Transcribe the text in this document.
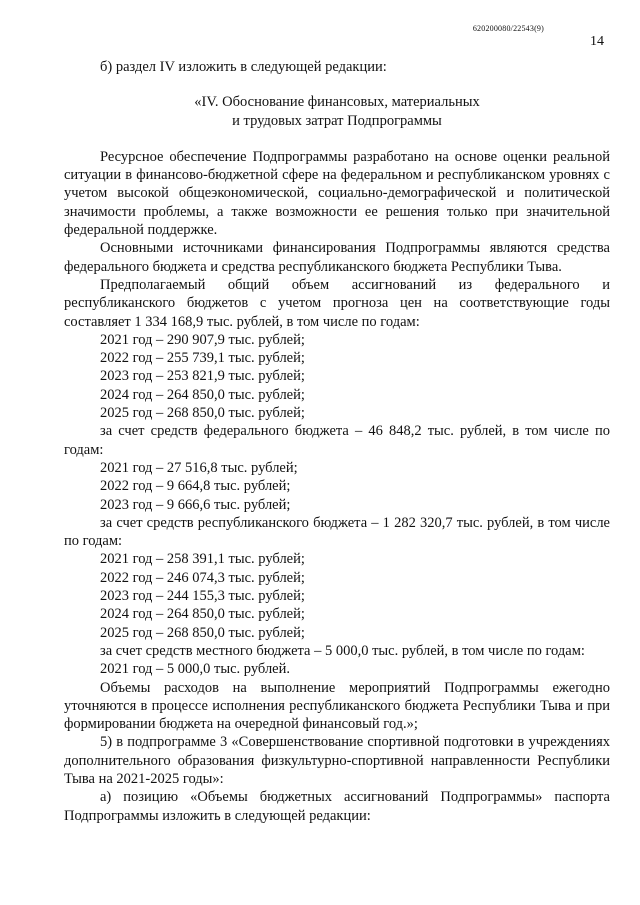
620200080/22543(9)
14

б) раздел IV изложить в следующей редакции:

«IV. Обоснование финансовых, материальных
и трудовых затрат Подпрограммы

Ресурсное обеспечение Подпрограммы разработано на основе оценки реальной ситуации в финансово-бюджетной сфере на федеральном и республиканском уровнях с учетом высокой общеэкономической, социально-демографической и политической значимости проблемы, а также возможности ее решения только при значительной федеральной поддержке.

Основными источниками финансирования Подпрограммы являются средства федерального бюджета и средства республиканского бюджета Республики Тыва.

Предполагаемый общий объем ассигнований из федерального и республиканского бюджетов с учетом прогноза цен на соответствующие годы составляет 1 334 168,9 тыс. рублей, в том числе по годам:

2021 год – 290 907,9 тыс. рублей;

2022 год – 255 739,1 тыс. рублей;

2023 год – 253 821,9 тыс. рублей;

2024 год – 264 850,0 тыс. рублей;

2025 год – 268 850,0 тыс. рублей;

за счет средств федерального бюджета – 46 848,2 тыс. рублей, в том числе по годам:

2021 год – 27 516,8 тыс. рублей;

2022 год – 9 664,8 тыс. рублей;

2023 год – 9 666,6 тыс. рублей;

за счет средств республиканского бюджета – 1 282 320,7 тыс. рублей, в том числе по годам:

2021 год – 258 391,1 тыс. рублей;

2022 год – 246 074,3 тыс. рублей;

2023 год – 244 155,3 тыс. рублей;

2024 год – 264 850,0 тыс. рублей;

2025 год – 268 850,0 тыс. рублей;

за счет средств местного бюджета – 5 000,0 тыс. рублей, в том числе по годам:

2021 год – 5 000,0 тыс. рублей.

Объемы расходов на выполнение мероприятий Подпрограммы ежегодно уточняются в процессе исполнения республиканского бюджета Республики Тыва и при формировании бюджета на очередной финансовый год.»;

5) в подпрограмме 3 «Совершенствование спортивной подготовки в учреждениях дополнительного образования физкультурно-спортивной направленности Республики Тыва на 2021-2025 годы»:

а) позицию «Объемы бюджетных ассигнований Подпрограммы» паспорта Подпрограммы изложить в следующей редакции:
